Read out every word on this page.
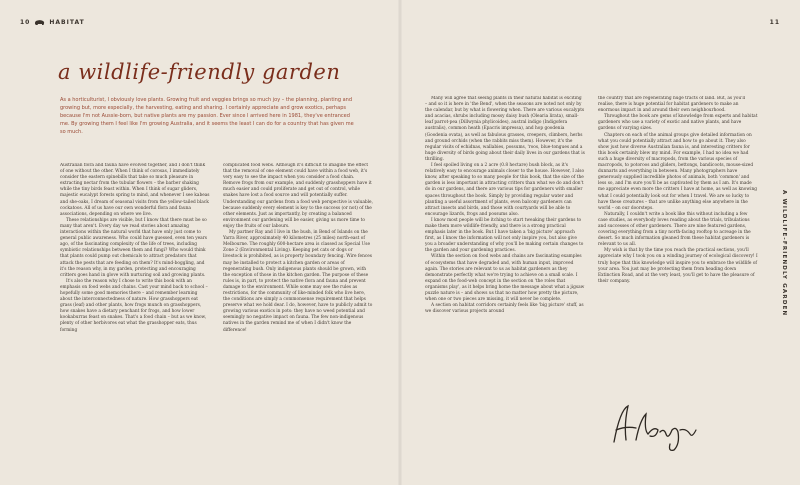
10	HABITAT	11
a wildlife-friendly garden
As a horticulturist, I obviously love plants. Growing fruit and veggies brings so much joy – the planning, planting and growing but, more especially, the harvesting, eating and sharing. I certainly appreciate and grow exotics, perhaps because I'm not Aussie-born, but native plants are my passion. Ever since I arrived here in 1981, they've entranced me. By growing them I feel like I'm growing Australia, and it seems the least I can do for a country that has given me so much.

Australian flora and fauna have evolved together, and I don't think of one without the other. When I think of corosas, I immediately consider the eastern spinebills that take so much pleasure in extracting nectar from the tubular flowers – the barber shaking while the tiny birds feast within. When I think of sugar gliders, majestic eucalypt forests spring to mind, and whenever I see kabeas and she-oaks, I dream of seasonal visits from the yellow-tailed black cockatoos. All of us have our own wonderful flora and fauna associations, depending on where we live.

These relationships are visible, but I know that there must be so many that aren't. Every day we read stories about amazing interactions within the natural world that have only just come to general public awareness. Who could have guessed, even ten years ago, of the fascinating complexity of the life of trees, including symbiotic relationships between them and fungi? Who would think that plants could pump out chemicals to attract predators that attack the pests that are feeding on them? It's mind-boggling, and it's the reason why, in my garden, protecting and encouraging critters goes hand in glove with nurturing soil and growing plants.

It's also the reason why I chose to write this book with an emphasis on food webs and chains. Cast your mind back to school – hopefully some good memories there – and remember learning about the interconnectedness of nature. How grasshoppers eat grass (leaf) and other plants, how frogs munch on grasshoppers, how snakes have a dietary penchant for frogs, and how lower kookaburras feast on snakes. That's a food chain – but as we know, plenty of other herbivores eat what the grasshopper eats, thus forming

complicated food webs. Although it's difficult to imagine the effect that the removal of one element could have within a food web, it's very easy to see the impact when you consider a food chain. Remove frogs from our example, and suddenly grasshoppers have it much easier and could proliferate and get out of control, while snakes have lost a food source and will potentially suffer. Understanding our gardens from a food web perspective is valuable, because suddenly every element is key to the success (or not) of the other elements. Just as importantly, by creating a balanced environment our gardening will be easier, giving us more time to enjoy the fruits of our labours.

My partner Ray and I live in the bush, in Bend of Islands on the Yarra River, approximately 40 kilometres (25 miles) north-east of Melbourne. The roughly 600-hectare area is classed as Special Use Zone 2 (Environmental Living). Keeping pet cats or dogs or livestock is prohibited, as is property boundary fencing. Wire fences may be installed to protect a kitchen garden or areas of regenerating bush. Only indigenous plants should be grown, with the exception of those in the kitchen garden. The purpose of these rules is, in part, to protect the native flora and fauna and prevent damage to the environment. While some may see the rules as restrictions, for the community of like-minded folk who live here, the conditions are simply a commonsense requirement that helps preserve what we hold dear. I do, however, have to publicly admit to growing various exotics in pots: they have no weed potential and seemingly no negative impact on fauna. The few non-indigenous natives in the garden remind me of when I didn't know the difference!

Many will agree that seeing plants in their natural habitat is exciting – and so it is here in 'the Bend', when the seasons are noted not only by the calendar, but by what is flowering when. There are various eucalypts and acacias, shrubs including mossy daisy bush (Olearia lirata), small-leaf parrot-pea (Dillwynia phylicoides), austral indigo (Indigofera australis), common heath (Epacris impressa), and hop goodenia (Goodenia ovata), as well as fabulous grasses, creepers, climbers, herbs and ground orchids (when the rabbits miss them). However, it's the regular visits of echidnas, wallabies, possums, 'roos, blue-tongues and a huge diversity of birds going about their daily lives in our gardens that is thrilling.

I feel spoiled living on a 2 acre (0.8 hectare) bush block, as it's relatively easy to encourage animals closer to the house. However, I also know, after speaking to so many people for this book, that the size of the garden is less important in attracting critters than what we do and don't do in our gardens, and there are various tips for gardeners with smaller spaces throughout the book. Simply by providing regular water and planting a useful assortment of plants, even balcony gardeners can attract insects and birds, and those with courtyards will be able to encourage lizards, frogs and possums also.

I know most people will be itching to start tweaking their gardens to make them more wildlife-friendly, and there is a strong practical emphasis later in the book. But I have taken a 'big picture' approach first, as I know the information will not only inspire you, but also give you a broader understanding of why you'll be making certain changes to the garden and your gardening practices.

Within the section on food webs and chains are fascinating examples of ecosystems that have degraded and, with human input, improved again. The stories are relevant to us as habitat gardeners as they demonstrate perfectly what we're trying to achieve on a small scale. I expand on the food-web concept in the section on 'the roles that organisms play', as it helps bring home the message about what a jigsaw puzzle nature is – and shows us that no matter how pretty the picture, when one or two pieces are missing, it will never be complete.

A section on habitat corridors certainly feels like 'big picture' stuff, as we discover various projects around

the country that are regenerating huge tracts of land. But, as you'll realise, there is huge potential for habitat gardeners to make an enormous impact in and around their own neighbourhood.

Throughout the book are gems of knowledge from experts and habitat gardeners who use a variety of exotic and native plants, and have gardens of varying sizes.

Chapters on each of the animal groups give detailed information on what you could potentially attract and how to go about it. They also show just how diverse Australian fauna is, and interesting critters for this book certainly blew my mind. For example, I had no idea we had such a huge diversity of macropods, from the various species of macropods, to potoroos and gliders, bettongs, bandicoots, mouse-sized dunnarts and everything in between. Many photographers have generously supplied incredible photos of animals, both 'common' and less so, and I'm sure you'll be as captivated by them as I am. It's made me appreciate even more the critters I have at home, as well as knowing what I could potentially look out for when I travel. We are so lucky to have these creatures – that are unlike anything else anywhere in the world – on our doorsteps.

Naturally, I couldn't write a book like this without including a few case studies, as everybody loves reading about the trials, tribulations and successes of other gardeners. There are nine featured gardens, covering everything from a tiny north-facing rooftop to acreage in the desert. So much information gleaned from these habitat gardeners is relevant to us all.

My wish is that by the time you reach the practical sections, you'll appreciate why I took you on a winding journey of ecological discovery! I truly hope that this knowledge will inspire you to embrace the wildlife of your area. You just may be protecting them from heading down Extinction Road, and at the very least, you'll get to have the pleasure of their company.	A WILDLIFE-FRIENDLY GARDEN
